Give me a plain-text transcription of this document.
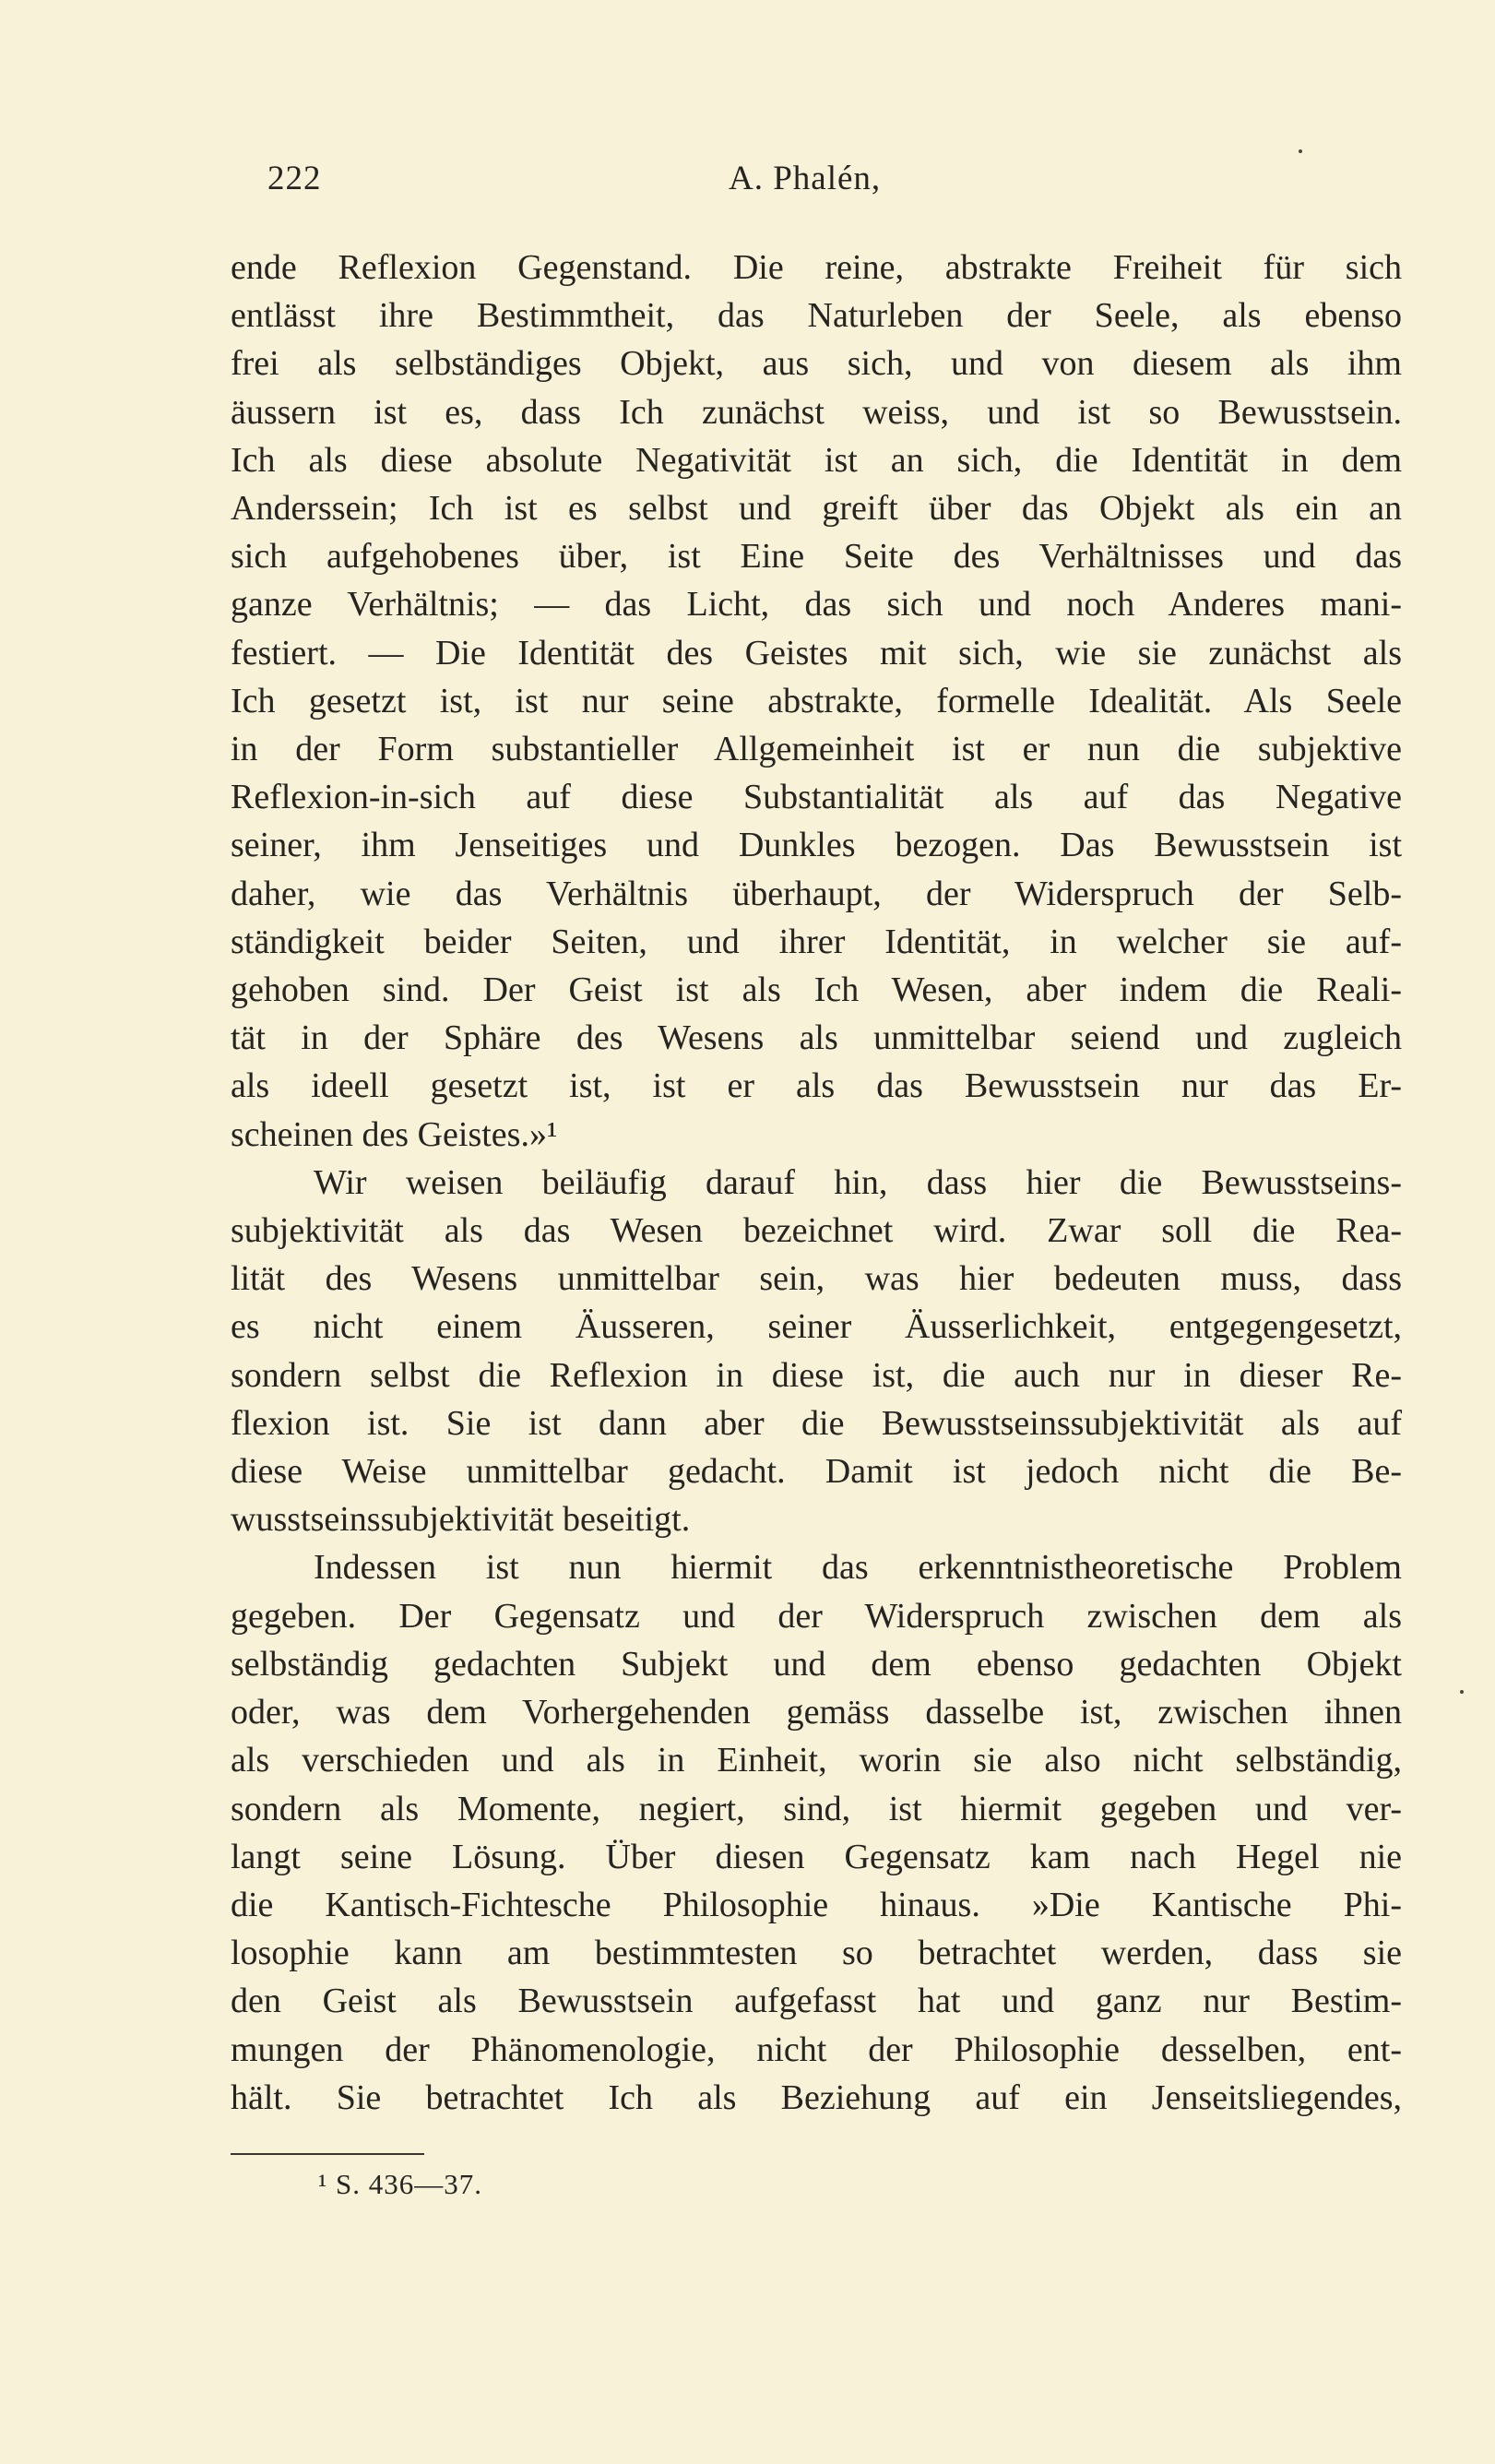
222	A. Phalén,
ende Reflexion Gegenstand. Die reine, abstrakte Freiheit für sich
entlässt ihre Bestimmtheit, das Naturleben der Seele, als ebenso
frei als selbständiges Objekt, aus sich, und von diesem als ihm
äussern ist es, dass Ich zunächst weiss, und ist so Bewusstsein.
Ich als diese absolute Negativität ist an sich, die Identität in dem
Anderssein; Ich ist es selbst und greift über das Objekt als ein an
sich aufgehobenes über, ist Eine Seite des Verhältnisses und das
ganze Verhältnis; — das Licht, das sich und noch Anderes mani-
festiert. — Die Identität des Geistes mit sich, wie sie zunächst als
Ich gesetzt ist, ist nur seine abstrakte, formelle Idealität. Als Seele
in der Form substantieller Allgemeinheit ist er nun die subjektive
Reflexion-in-sich auf diese Substantialität als auf das Negative
seiner, ihm Jenseitiges und Dunkles bezogen. Das Bewusstsein ist
daher, wie das Verhältnis überhaupt, der Widerspruch der Selb-
ständigkeit beider Seiten, und ihrer Identität, in welcher sie auf-
gehoben sind. Der Geist ist als Ich Wesen, aber indem die Reali-
tät in der Sphäre des Wesens als unmittelbar seiend und zugleich
als ideell gesetzt ist, ist er als das Bewusstsein nur das Er-
scheinen des Geistes.»¹
Wir weisen beiläufig darauf hin, dass hier die Bewusstseins-
subjektivität als das Wesen bezeichnet wird. Zwar soll die Rea-
lität des Wesens unmittelbar sein, was hier bedeuten muss, dass
es nicht einem Äusseren, seiner Äusserlichkeit, entgegengesetzt,
sondern selbst die Reflexion in diese ist, die auch nur in dieser Re-
flexion ist. Sie ist dann aber die Bewusstseinssubjektivität als auf
diese Weise unmittelbar gedacht. Damit ist jedoch nicht die Be-
wusstseinssubjektivität beseitigt.
Indessen ist nun hiermit das erkenntnistheoretische Problem
gegeben. Der Gegensatz und der Widerspruch zwischen dem als
selbständig gedachten Subjekt und dem ebenso gedachten Objekt
oder, was dem Vorhergehenden gemäss dasselbe ist, zwischen ihnen
als verschieden und als in Einheit, worin sie also nicht selbständig,
sondern als Momente, negiert, sind, ist hiermit gegeben und ver-
langt seine Lösung. Über diesen Gegensatz kam nach Hegel nie
die Kantisch-Fichtesche Philosophie hinaus. »Die Kantische Phi-
losophie kann am bestimmtesten so betrachtet werden, dass sie
den Geist als Bewusstsein aufgefasst hat und ganz nur Bestim-
mungen der Phänomenologie, nicht der Philosophie desselben, ent-
hält. Sie betrachtet Ich als Beziehung auf ein Jenseitsliegendes,
¹ S. 436—37.
